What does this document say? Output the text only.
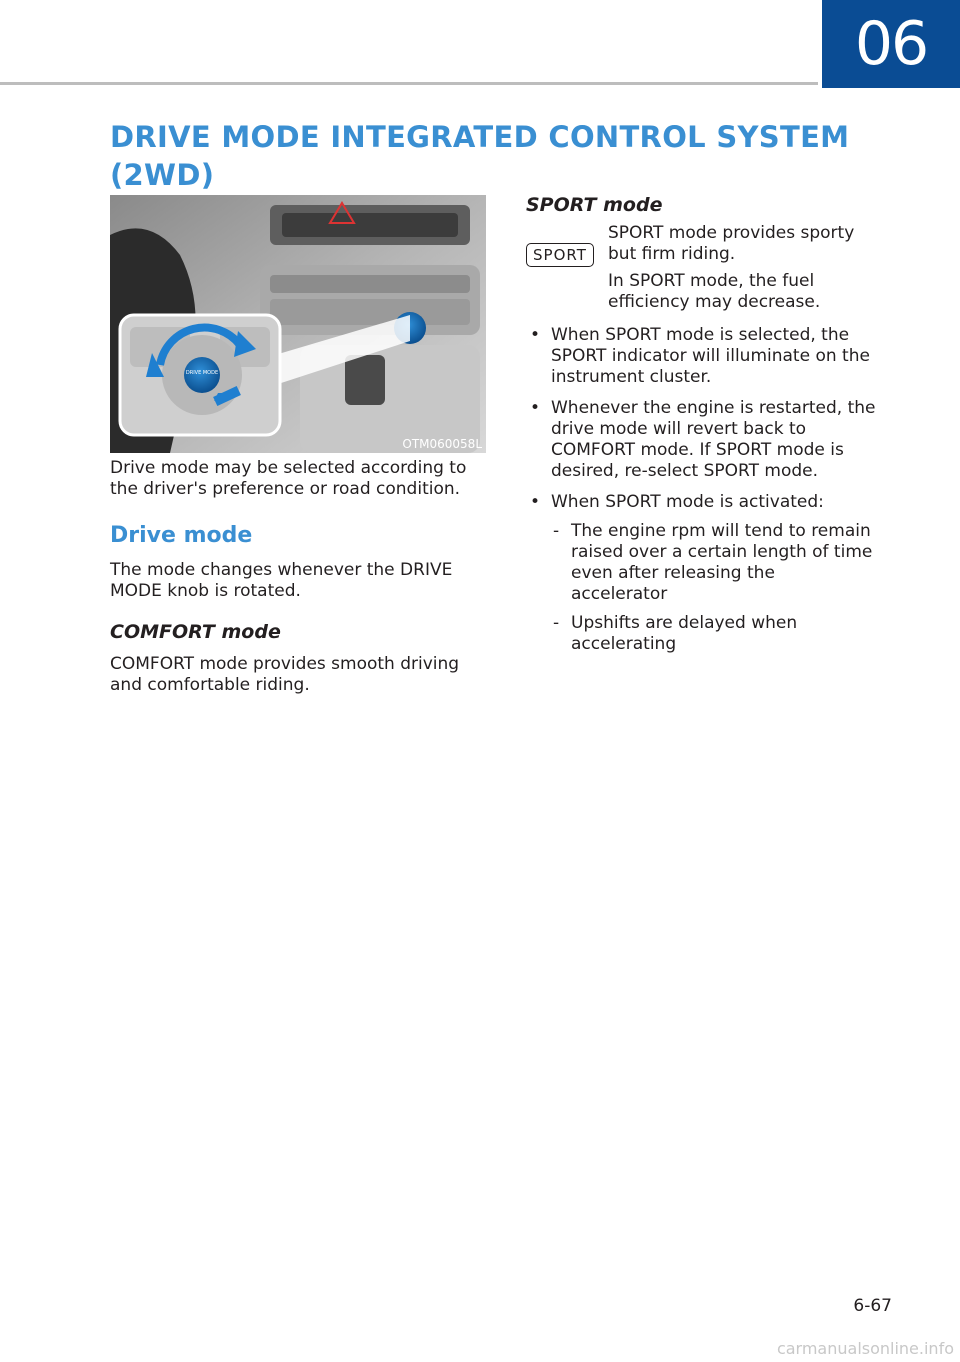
06
DRIVE MODE INTEGRATED CONTROL SYSTEM (2WD)
DRIVE MODE
OTM060058L

Drive mode may be selected according to the driver's preference or road condition.

Drive mode

The mode changes whenever the DRIVE MODE knob is rotated.

COMFORT mode

COMFORT mode provides smooth driving and comfortable riding.

SPORT mode
SPORT

SPORT mode provides sporty but firm riding.

In SPORT mode, the fuel efficiency may decrease.

• When SPORT mode is selected, the SPORT indicator will illuminate on the instrument cluster.
• Whenever the engine is restarted, the drive mode will revert back to COMFORT mode. If SPORT mode is desired, re-select SPORT mode.
• When SPORT mode is activated:
- The engine rpm will tend to remain raised over a certain length of time even after releasing the accelerator
- Upshifts are delayed when accelerating
6-67
carmanualsonline.info
